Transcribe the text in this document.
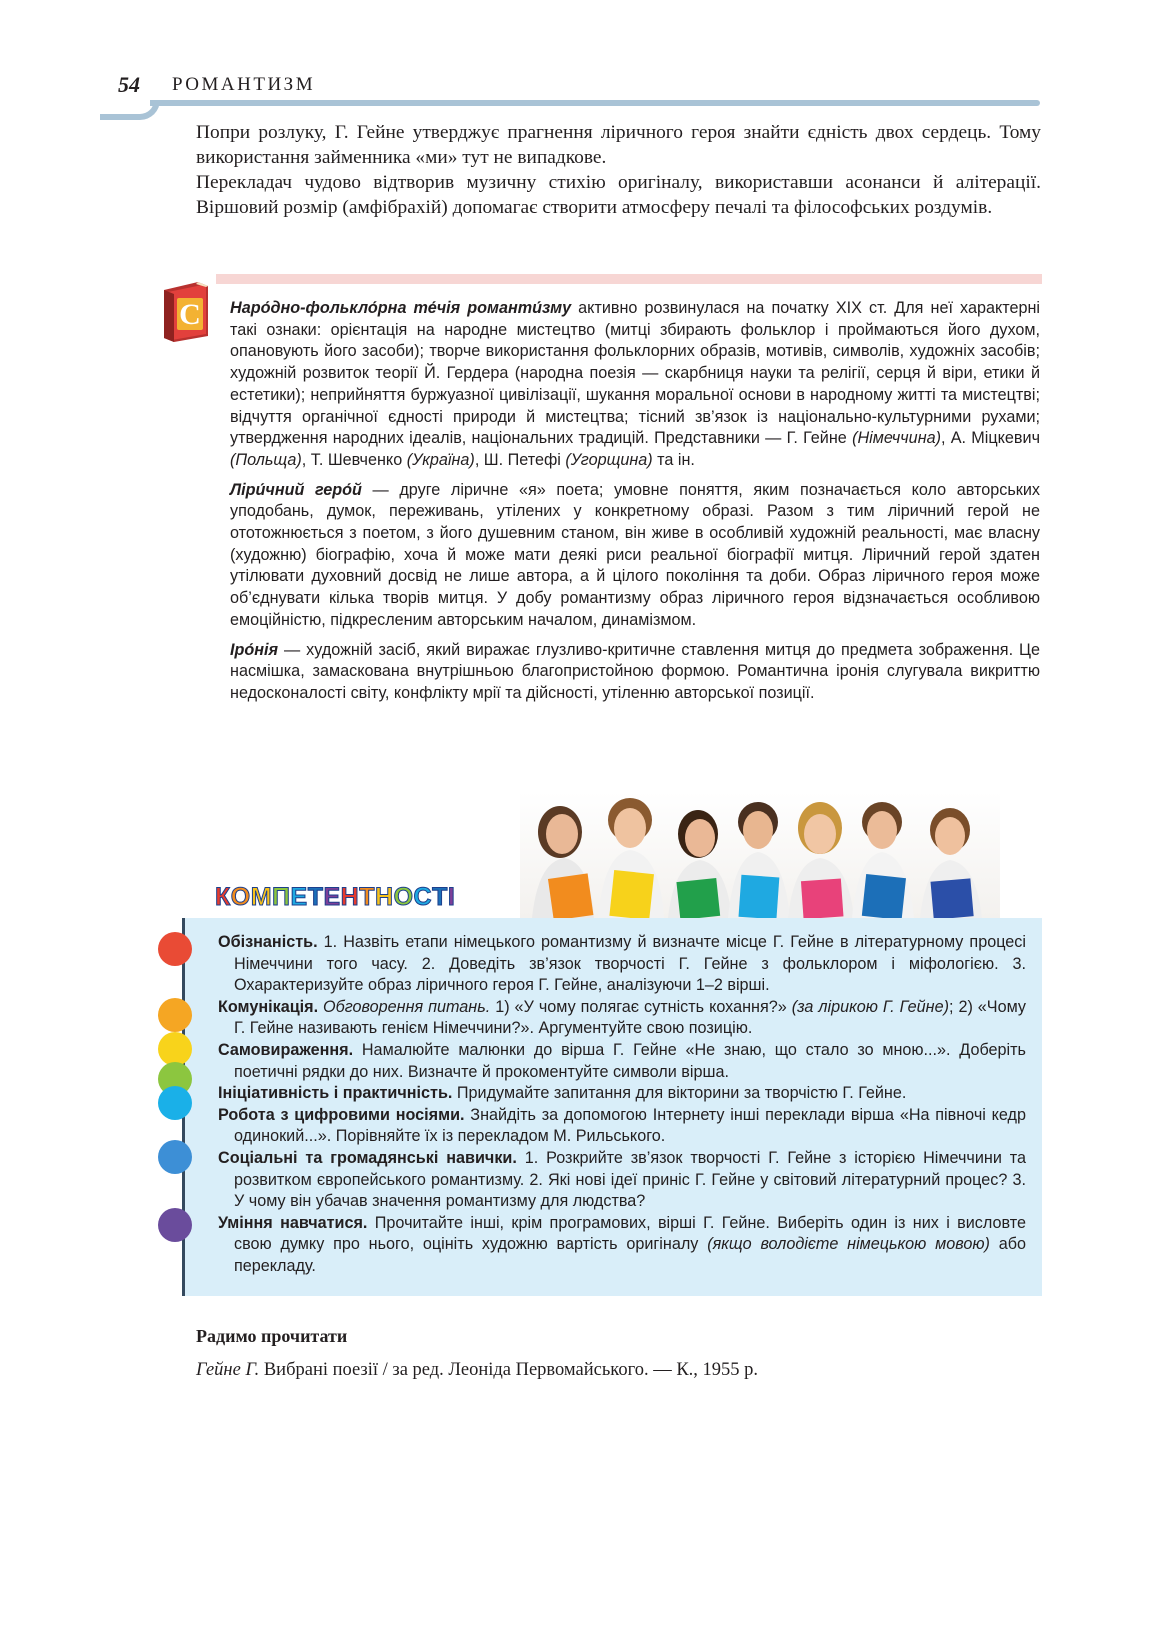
54 РОМАНТИЗМ

Попри розлуку, Г. Гейне утверджує прагнення ліричного героя знайти єдність двох сердець. Тому використання займенника «ми» тут не випадкове.

Перекладач чудово відтворив музичну стихію оригіналу, використавши асонанси й алітерації. Віршовий розмір (амфібрахій) допомагає створити атмосферу печалі та філософських роздумів.

С Наро́дно-фолькло́рна те́чія романти́зму активно розвинулася на початку XIX ст. Для неї характерні такі ознаки: орієнтація на народне мистецтво (митці збирають фольклор і проймаються його духом, опановують його засоби); творче використання фольклорних образів, мотивів, символів, художніх засобів; художній розвиток теорії Й. Гердера (народна поезія — скарбниця науки та релігії, серця й віри, етики й естетики); неприйняття буржуазної цивілізації, шукання моральної основи в народному житті та мистецтві; відчуття органічної єдності природи й мистецтва; тісний зв’язок із національно-культурними рухами; утвердження народних ідеалів, національних традицій. Представники — Г. Гейне (Німеччина), А. Міцкевич (Польща), Т. Шевченко (Україна), Ш. Петефі (Угорщина) та ін.

Ліри́чний геро́й — друге ліричне «я» поета; умовне поняття, яким позначається коло авторських уподобань, думок, переживань, утілених у конкретному образі. Разом з тим ліричний герой не ототожнюється з поетом, з його душевним станом, він живе в особливій художній реальності, має власну (художню) біографію, хоча й може мати деякі риси реальної біографії митця. Ліричний герой здатен утілювати духовний досвід не лише автора, а й цілого покоління та доби. Образ ліричного героя може об’єднувати кілька творів митця. У добу романтизму образ ліричного героя відзначається особливою емоційністю, підкресленим авторським началом, динамізмом.

Іро́нія — художній засіб, який виражає глузливо-критичне ставлення митця до предмета зображення. Це насмішка, замаскована внутрішньою благопристойною формою. Романтична іронія слугувала викриттю недосконалості світу, конфлікту мрії та дійсності, утіленню авторської позиції.

КОМПЕТЕНТНОСТІ
Обізнаність. 1. Назвіть етапи німецького романтизму й визначте місце Г. Гейне в літературному процесі Німеччини того часу. 2. Доведіть зв’язок творчості Г. Гейне з фольклором і міфологією. 3. Охарактеризуйте образ ліричного героя Г. Гейне, аналізуючи 1–2 вірші.
Комунікація. Обговорення питань. 1) «У чому полягає сутність кохання?» (за лірикою Г. Гейне); 2) «Чому Г. Гейне називають генієм Німеччини?». Аргументуйте свою позицію.
Самовираження. Намалюйте малюнки до вірша Г. Гейне «Не знаю, що стало зо мною...». Доберіть поетичні рядки до них. Визначте й прокоментуйте символи вірша.
Ініціативність і практичність. Придумайте запитання для вікторини за творчістю Г. Гейне.
Робота з цифровими носіями. Знайдіть за допомогою Інтернету інші переклади вірша «На півночі кедр одинокий...». Порівняйте їх із перекладом М. Рильського.
Соціальні та громадянські навички. 1. Розкрийте зв’язок творчості Г. Гейне з історією Німеччини та розвитком європейського романтизму. 2. Які нові ідеї приніс Г. Гейне у світовий літературний процес? 3. У чому він убачав значення романтизму для людства?
Уміння навчатися. Прочитайте інші, крім програмових, вірші Г. Гейне. Виберіть один із них і висловте свою думку про нього, оцініть художню вартість оригіналу (якщо володієте німецькою мовою) або перекладу.
Радимо прочитати
Гейне Г. Вибрані поезії / за ред. Леоніда Первомайського. — К., 1955 р.
